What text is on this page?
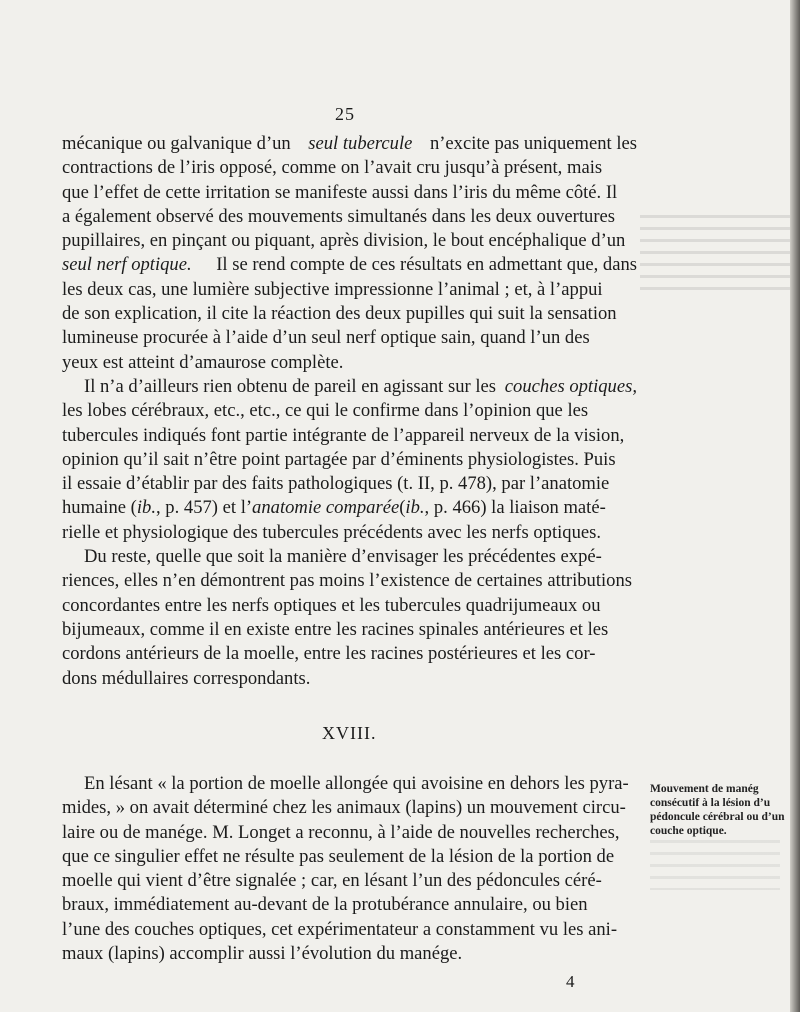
25
mécanique ou galvanique d’un seul tubercule n’excite pas uniquement les
contractions de l’iris opposé, comme on l’avait cru jusqu’à présent, mais
que l’effet de cette irritation se manifeste aussi dans l’iris du même côté. Il
a également observé des mouvements simultanés dans les deux ouvertures
pupillaires, en pinçant ou piquant, après division, le bout encéphalique d’un
seul nerf optique. Il se rend compte de ces résultats en admettant que, dans
les deux cas, une lumière subjective impressionne l’animal ; et, à l’appui
de son explication, il cite la réaction des deux pupilles qui suit la sensation
lumineuse procurée à l’aide d’un seul nerf optique sain, quand l’un des
yeux est atteint d’amaurose complète.
Il n’a d’ailleurs rien obtenu de pareil en agissant sur les couches optiques,
les lobes cérébraux, etc., etc., ce qui le confirme dans l’opinion que les
tubercules indiqués font partie intégrante de l’appareil nerveux de la vision,
opinion qu’il sait n’être point partagée par d’éminents physiologistes. Puis
il essaie d’établir par des faits pathologiques (t. II, p. 478), par l’anatomie
humaine ( ib. , p. 457) et l’ anatomie comparée ( ib. , p. 466) la liaison maté-
rielle et physiologique des tubercules précédents avec les nerfs optiques.
Du reste, quelle que soit la manière d’envisager les précédentes expé-
riences, elles n’en démontrent pas moins l’existence de certaines attributions
concordantes entre les nerfs optiques et les tubercules quadrijumeaux ou
bijumeaux, comme il en existe entre les racines spinales antérieures et les
cordons antérieurs de la moelle, entre les racines postérieures et les cor-
dons médullaires correspondants.
XVIII.
En lésant « la portion de moelle allongée qui avoisine en dehors les pyra-
mides, » on avait déterminé chez les animaux (lapins) un mouvement circu-
laire ou de manége. M. Longet a reconnu, à l’aide de nouvelles recherches,
que ce singulier effet ne résulte pas seulement de la lésion de la portion de
moelle qui vient d’être signalée ; car, en lésant l’un des pédoncules céré-
braux, immédiatement au-devant de la protubérance annulaire, ou bien
l’une des couches optiques, cet expérimentateur a constamment vu les ani-
maux (lapins) accomplir aussi l’évolution du manége.
Mouvement de manég
consécutif à la lésion d’u
pédoncule cérébral ou d’un
couche optique.
4
